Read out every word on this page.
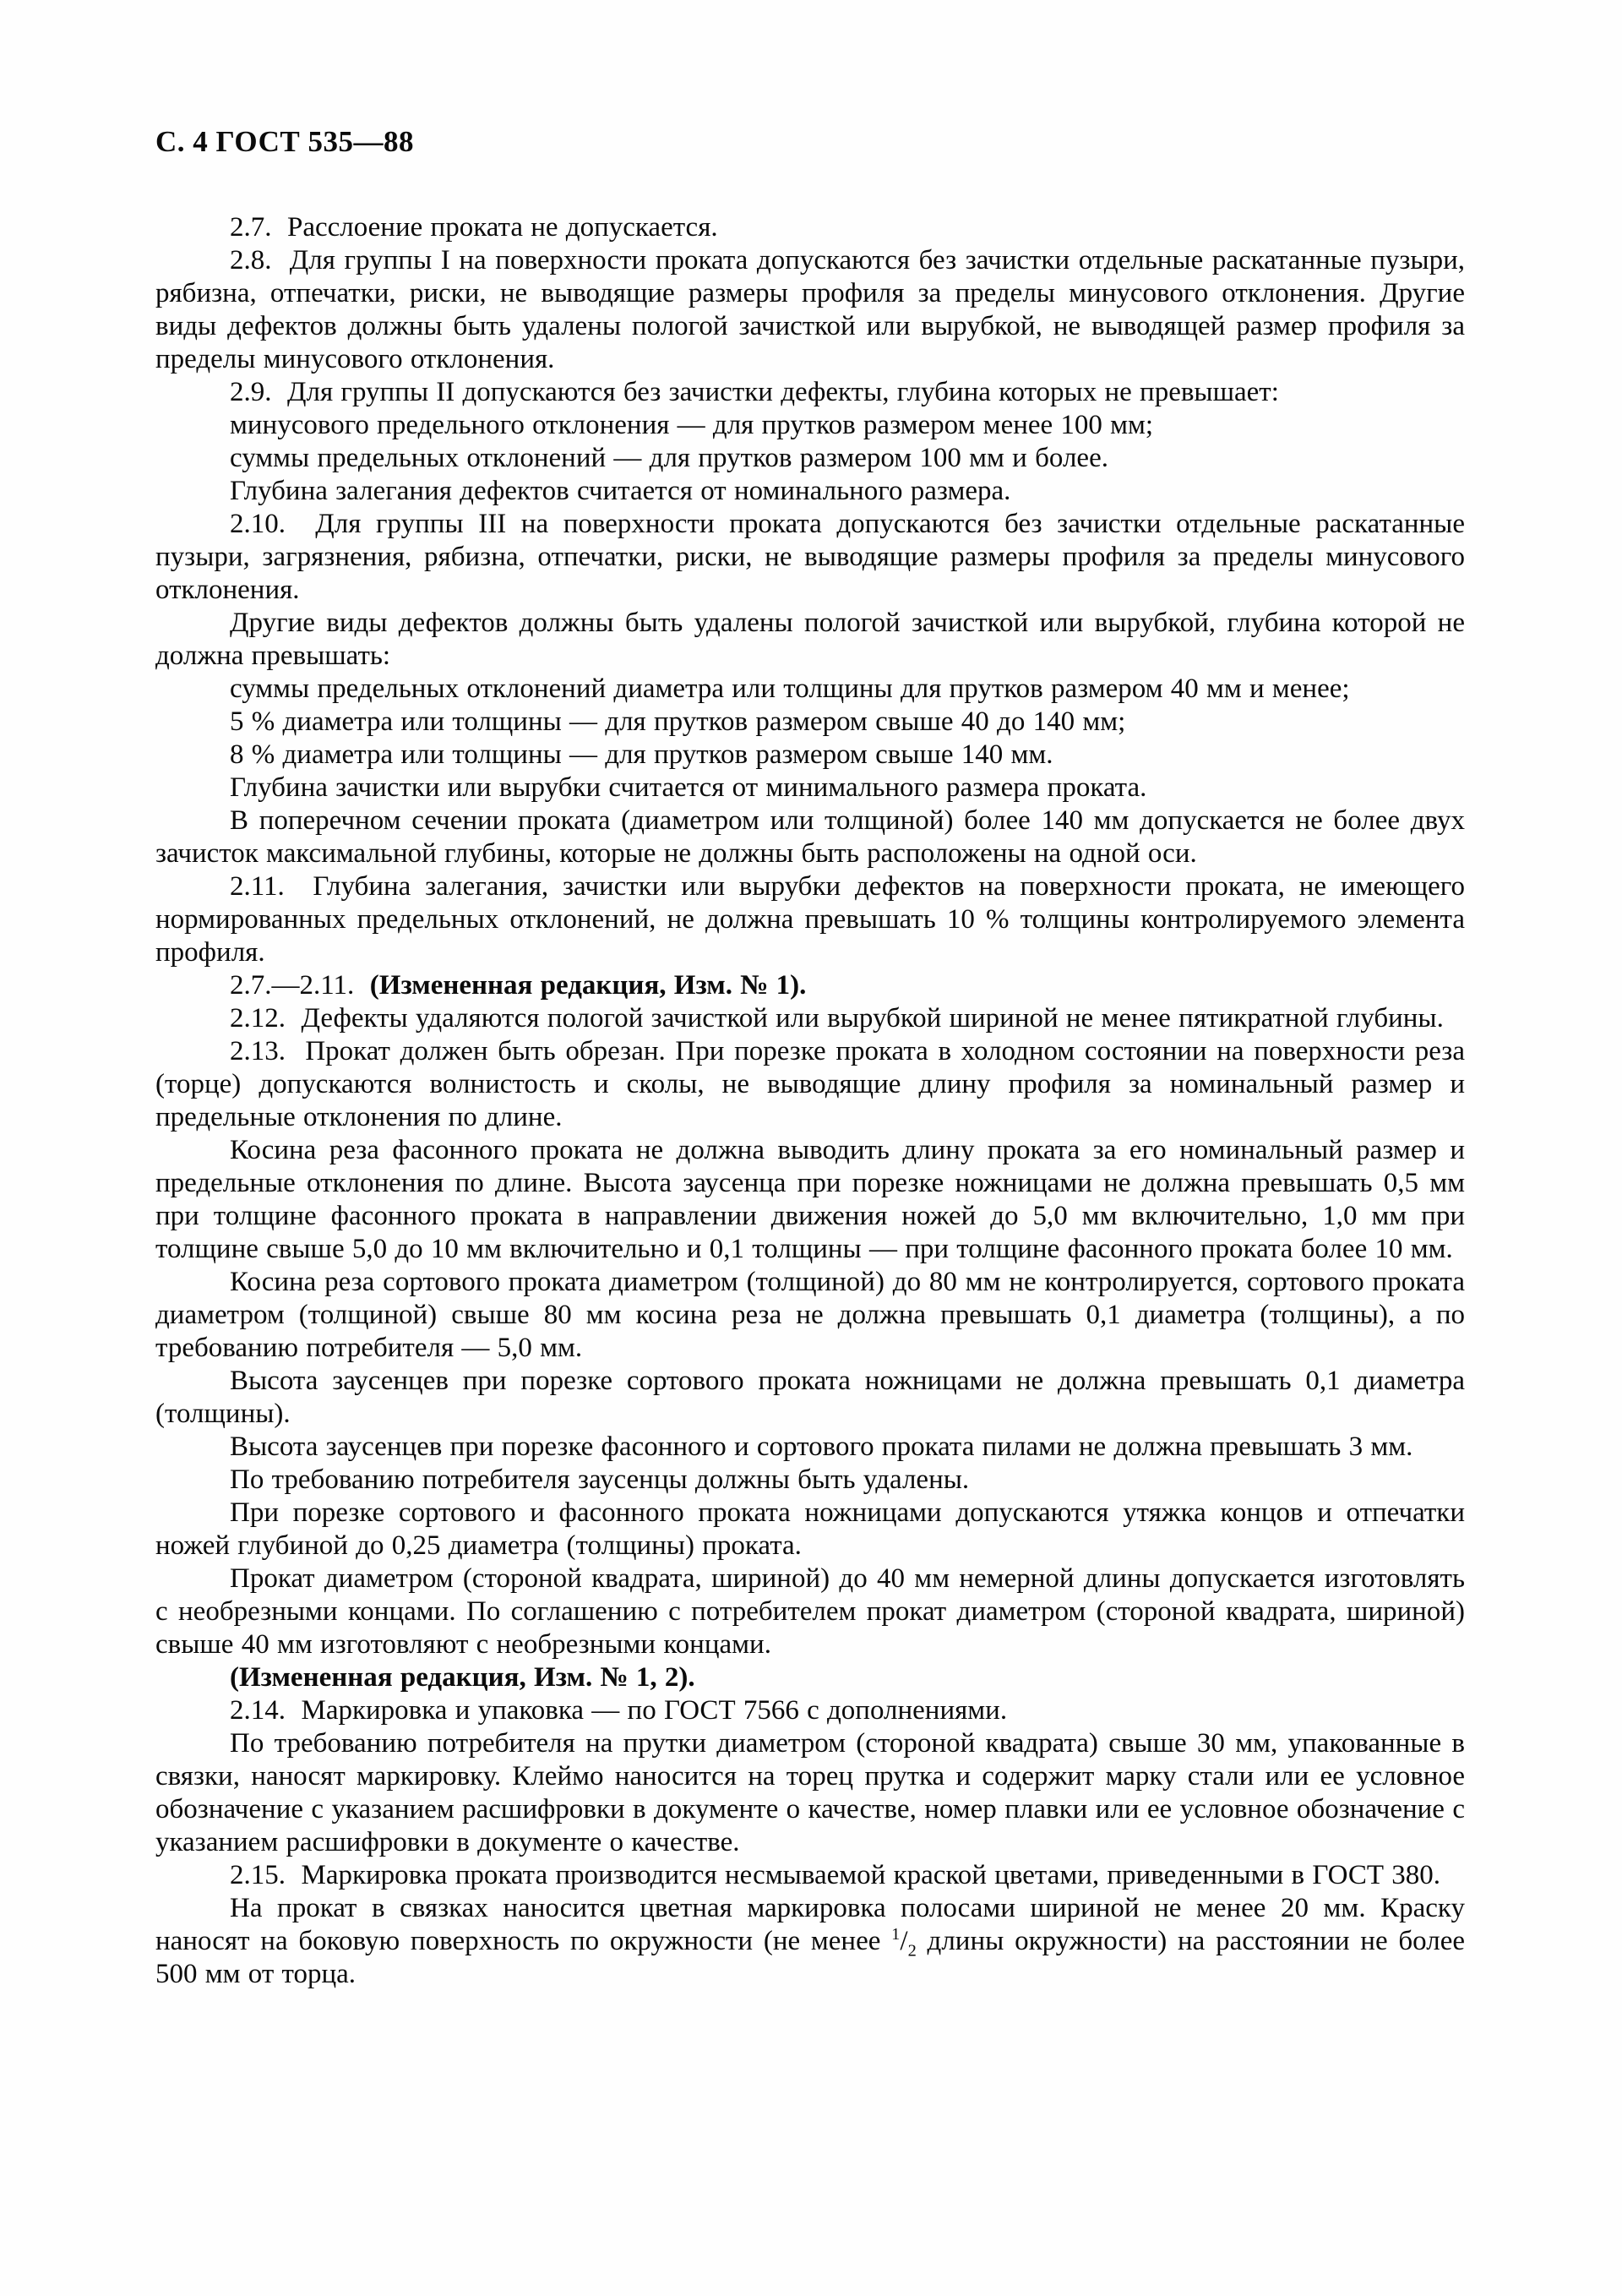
С. 4 ГОСТ 535—88

2.7.  Расслоение проката не допускается.

2.8.  Для группы I на поверхности проката допускаются без зачистки отдельные раскатанные пузыри, рябизна, отпечатки, риски, не выводящие размеры профиля за пределы минусового отклонения. Другие виды дефектов должны быть удалены пологой зачисткой или вырубкой, не выводящей размер профиля за пределы минусового отклонения.

2.9.  Для группы II допускаются без зачистки дефекты, глубина которых не превышает:

минусового предельного отклонения — для прутков размером менее 100 мм;

суммы предельных отклонений — для прутков размером 100 мм и более.

Глубина залегания дефектов считается от номинального размера.

2.10.  Для группы III на поверхности проката допускаются без зачистки отдельные раскатанные пузыри, загрязнения, рябизна, отпечатки, риски, не выводящие размеры профиля за пределы минусового отклонения.

Другие виды дефектов должны быть удалены пологой зачисткой или вырубкой, глубина которой не должна превышать:

суммы предельных отклонений диаметра или толщины для прутков размером 40 мм и менее;

5 % диаметра или толщины — для прутков размером свыше 40 до 140 мм;

8 % диаметра или толщины — для прутков размером свыше 140 мм.

Глубина зачистки или вырубки считается от минимального размера проката.

В поперечном сечении проката (диаметром или толщиной) более 140 мм допускается не более двух зачисток максимальной глубины, которые не должны быть расположены на одной оси.

2.11.  Глубина залегания, зачистки или вырубки дефектов на поверхности проката, не имеющего нормированных предельных отклонений, не должна превышать 10 % толщины контролируемого элемента профиля.

2.7.—2.11.  (Измененная редакция, Изм. № 1).

2.12.  Дефекты удаляются пологой зачисткой или вырубкой шириной не менее пятикратной глубины.

2.13.  Прокат должен быть обрезан. При порезке проката в холодном состоянии на поверхности реза (торце) допускаются волнистость и сколы, не выводящие длину профиля за номинальный размер и предельные отклонения по длине.

Косина реза фасонного проката не должна выводить длину проката за его номинальный размер и предельные отклонения по длине. Высота заусенца при порезке ножницами не должна превышать 0,5 мм при толщине фасонного проката в направлении движения ножей до 5,0 мм включительно, 1,0 мм при толщине свыше 5,0 до 10 мм включительно и 0,1 толщины — при толщине фасонного проката более 10 мм.

Косина реза сортового проката диаметром (толщиной) до 80 мм не контролируется, сортового проката диаметром (толщиной) свыше 80 мм косина реза не должна превышать 0,1 диаметра (толщины), а по требованию потребителя — 5,0 мм.

Высота заусенцев при порезке сортового проката ножницами не должна превышать 0,1 диаметра (толщины).

Высота заусенцев при порезке фасонного и сортового проката пилами не должна превышать 3 мм.

По требованию потребителя заусенцы должны быть удалены.

При порезке сортового и фасонного проката ножницами допускаются утяжка концов и отпечатки ножей глубиной до 0,25 диаметра (толщины) проката.

Прокат диаметром (стороной квадрата, шириной) до 40 мм немерной длины допускается изготовлять с необрезными концами. По соглашению с потребителем прокат диаметром (стороной квадрата, шириной) свыше 40 мм изготовляют с необрезными концами.

(Измененная редакция, Изм. № 1, 2).

2.14.  Маркировка и упаковка — по ГОСТ 7566 с дополнениями.

По требованию потребителя на прутки диаметром (стороной квадрата) свыше 30 мм, упакованные в связки, наносят маркировку. Клеймо наносится на торец прутка и содержит марку стали или ее условное обозначение с указанием расшифровки в документе о качестве, номер плавки или ее условное обозначение с указанием расшифровки в документе о качестве.

2.15.  Маркировка проката производится несмываемой краской цветами, приведенными в ГОСТ 380.

На прокат в связках наносится цветная маркировка полосами шириной не менее 20 мм. Краску наносят на боковую поверхность по окружности (не менее $^1/_2$ длины окружности) на расстоянии не более 500 мм от торца.
